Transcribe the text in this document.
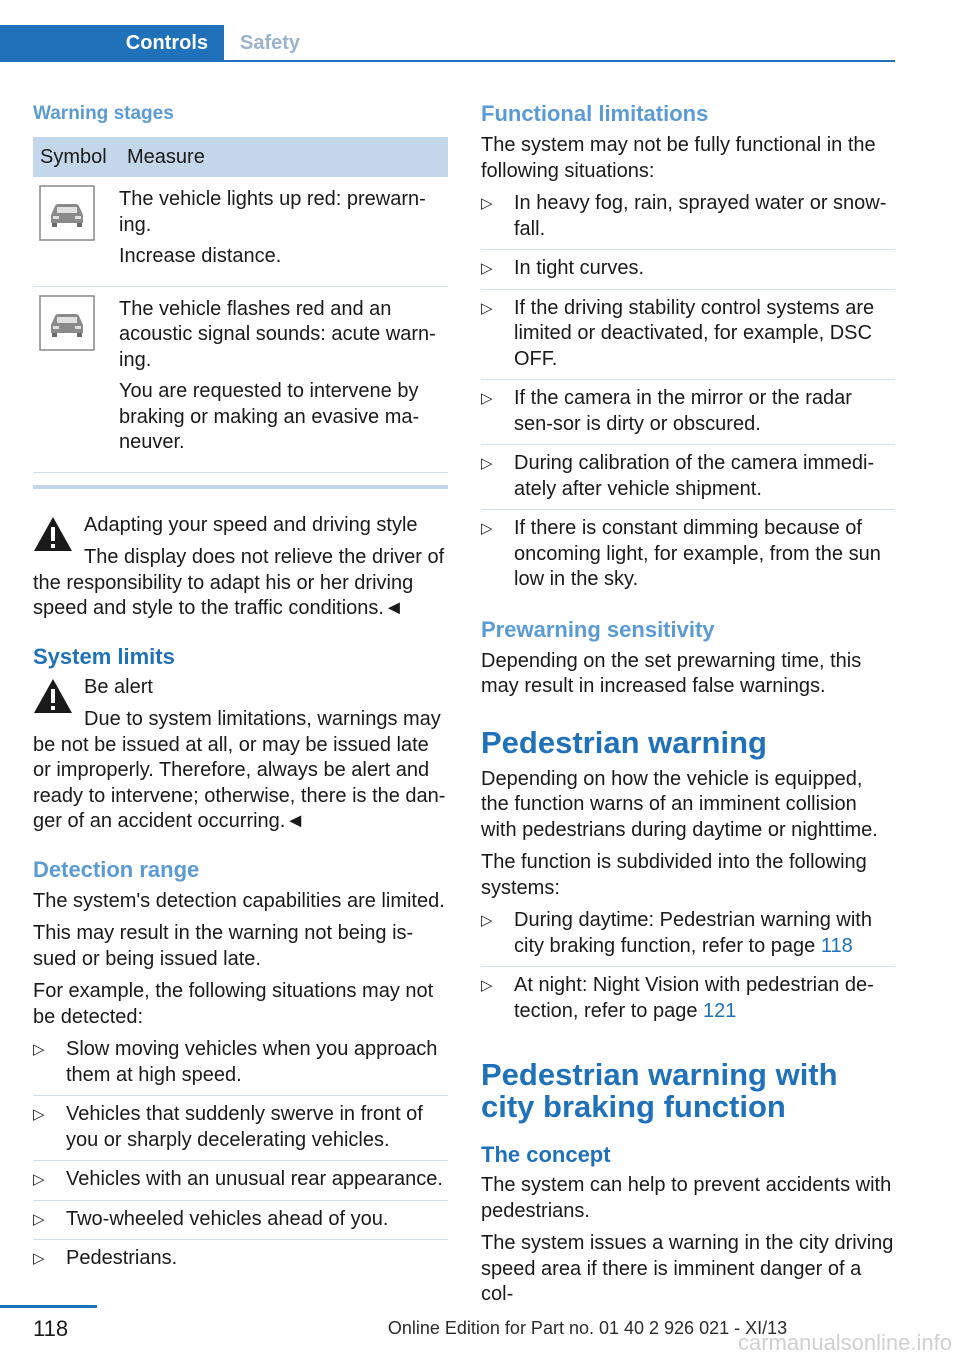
Controls	Safety
Warning stages
Symbol	Measure

The vehicle lights up red: prewarn-ing.
Increase distance.

The vehicle flashes red and an acoustic signal sounds: acute warn-ing.
You are requested to intervene by braking or making an evasive ma-neuver.
Adapting your speed and driving style
The display does not relieve the driver of the responsibility to adapt his or her driving speed and style to the traffic conditions.◄
System limits
Be alert
Due to system limitations, warnings may be not be issued at all, or may be issued late or improperly. Therefore, always be alert and ready to intervene; otherwise, there is the dan-ger of an accident occurring.◄
Detection range
The system's detection capabilities are limited.
This may result in the warning not being is-sued or being issued late.
For example, the following situations may not be detected:
▷ Slow moving vehicles when you approach them at high speed.
▷ Vehicles that suddenly swerve in front of you or sharply decelerating vehicles.
▷ Vehicles with an unusual rear appearance.
▷ Two-wheeled vehicles ahead of you.
▷ Pedestrians.
Functional limitations
The system may not be fully functional in the following situations:
▷ In heavy fog, rain, sprayed water or snow-fall.
▷ In tight curves.
▷ If the driving stability control systems are limited or deactivated, for example, DSC OFF.
▷ If the camera in the mirror or the radar sen-sor is dirty or obscured.
▷ During calibration of the camera immedi-ately after vehicle shipment.
▷ If there is constant dimming because of oncoming light, for example, from the sun low in the sky.
Prewarning sensitivity
Depending on the set prewarning time, this may result in increased false warnings.
Pedestrian warning
Depending on how the vehicle is equipped, the function warns of an imminent collision with pedestrians during daytime or nighttime.
The function is subdivided into the following systems:
▷ During daytime: Pedestrian warning with city braking function, refer to page 118
▷ At night: Night Vision with pedestrian de-tection, refer to page 121
Pedestrian warning with city braking function
The concept
The system can help to prevent accidents with pedestrians.
The system issues a warning in the city driving speed area if there is imminent danger of a col-
118	Online Edition for Part no. 01 40 2 926 021 - XI/13
carmanualsonline.info
